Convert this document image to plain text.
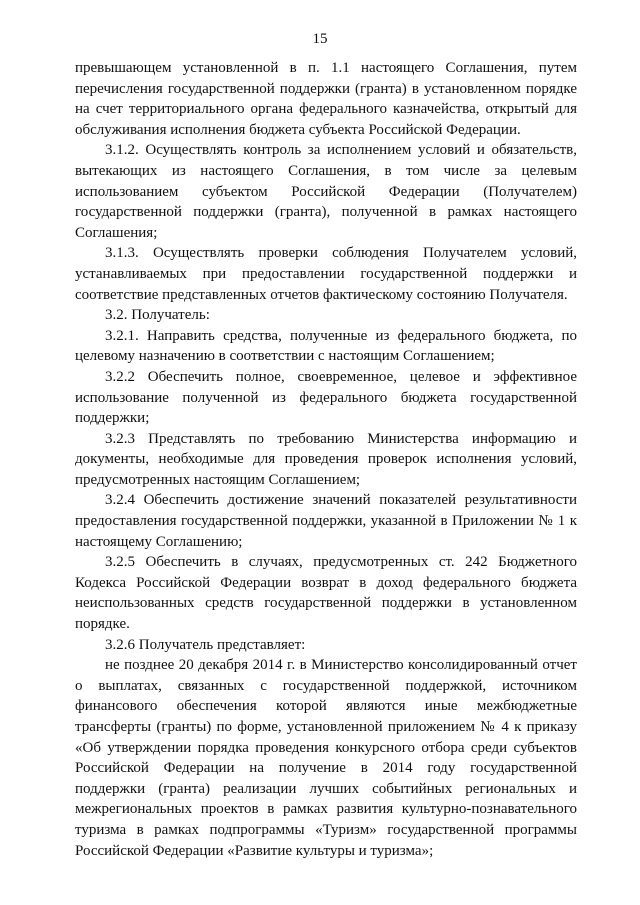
15
превышающем установленной в п. 1.1 настоящего Соглашения, путем
перечисления государственной поддержки (гранта) в установленном порядке
на счет территориального органа федерального казначейства, открытый для
обслуживания исполнения бюджета субъекта Российской Федерации.
3.1.2. Осуществлять контроль за исполнением условий и обязательств,
вытекающих из настоящего Соглашения, в том числе за целевым
использованием субъектом Российской Федерации (Получателем)
государственной поддержки (гранта), полученной в рамках настоящего
Соглашения;
3.1.3. Осуществлять проверки соблюдения Получателем условий,
устанавливаемых при предоставлении государственной поддержки и
соответствие представленных отчетов фактическому состоянию Получателя.
3.2. Получатель:
3.2.1. Направить средства, полученные из федерального бюджета, по
целевому назначению в соответствии с настоящим Соглашением;
3.2.2 Обеспечить полное, своевременное, целевое и эффективное
использование полученной из федерального бюджета государственной
поддержки;
3.2.3 Представлять по требованию Министерства информацию и
документы, необходимые для проведения проверок исполнения условий,
предусмотренных настоящим Соглашением;
3.2.4 Обеспечить достижение значений показателей результативности
предоставления государственной поддержки, указанной в Приложении № 1 к
настоящему Соглашению;
3.2.5 Обеспечить в случаях, предусмотренных ст. 242 Бюджетного
Кодекса Российской Федерации возврат в доход федерального бюджета
неиспользованных средств государственной поддержки в установленном
порядке.
3.2.6 Получатель представляет:
не позднее 20 декабря 2014 г. в Министерство консолидированный отчет
о выплатах, связанных с государственной поддержкой, источником
финансового обеспечения которой являются иные межбюджетные
трансферты (гранты) по форме, установленной приложением № 4 к приказу
«Об утверждении порядка проведения конкурсного отбора среди субъектов
Российской Федерации на получение в 2014 году государственной
поддержки (гранта) реализации лучших событийных региональных и
межрегиональных проектов в рамках развития культурно-познавательного
туризма в рамках подпрограммы «Туризм» государственной программы
Российской Федерации «Развитие культуры и туризма»;
